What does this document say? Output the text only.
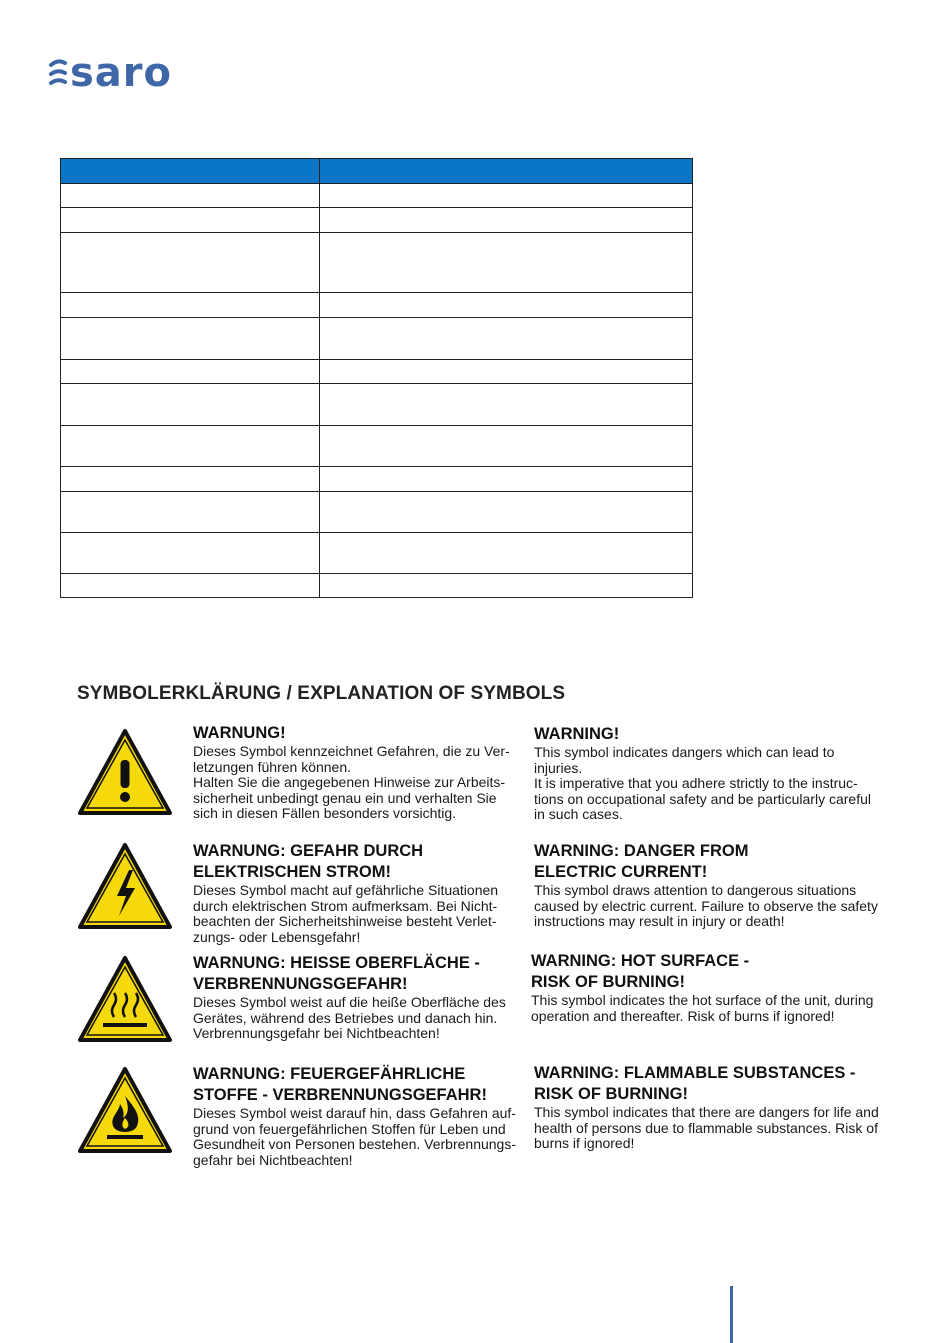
saro

SYMBOLERKLÄRUNG / EXPLANATION OF SYMBOLS
WARNUNG!
Dieses Symbol kennzeichnet Gefahren, die zu Ver-
letzungen führen können.
Halten Sie die angegebenen Hinweise zur Arbeits-
sicherheit unbedingt genau ein und verhalten Sie
sich in diesen Fällen besonders vorsichtig.
WARNING!
This symbol indicates dangers which can lead to
injuries.
It is imperative that you adhere strictly to the instruc-
tions on occupational safety and be particularly careful
in such cases.
WARNUNG: GEFAHR DURCH
ELEKTRISCHEN STROM!
Dieses Symbol macht auf gefährliche Situationen
durch elektrischen Strom aufmerksam. Bei Nicht-
beachten der Sicherheitshinweise besteht Verlet-
zungs- oder Lebensgefahr!
WARNING: DANGER FROM
ELECTRIC CURRENT!
This symbol draws attention to dangerous situations
caused by electric current. Failure to observe the safety
instructions may result in injury or death!
WARNUNG: HEISSE OBERFLÄCHE -
VERBRENNUNGSGEFAHR!
Dieses Symbol weist auf die heiße Oberfläche des
Gerätes, während des Betriebes und danach hin.
Verbrennungsgefahr bei Nichtbeachten!
WARNING: HOT SURFACE -
RISK OF BURNING!
This symbol indicates the hot surface of the unit, during
operation and thereafter. Risk of burns if ignored!
WARNUNG: FEUERGEFÄHRLICHE
STOFFE - VERBRENNUNGSGEFAHR!
Dieses Symbol weist darauf hin, dass Gefahren auf-
grund von feuergefährlichen Stoffen für Leben und
Gesundheit von Personen bestehen. Verbrennungs-
gefahr bei Nichtbeachten!
WARNING: FLAMMABLE SUBSTANCES -
RISK OF BURNING!
This symbol indicates that there are dangers for life and
health of persons due to flammable substances. Risk of
burns if ignored!
